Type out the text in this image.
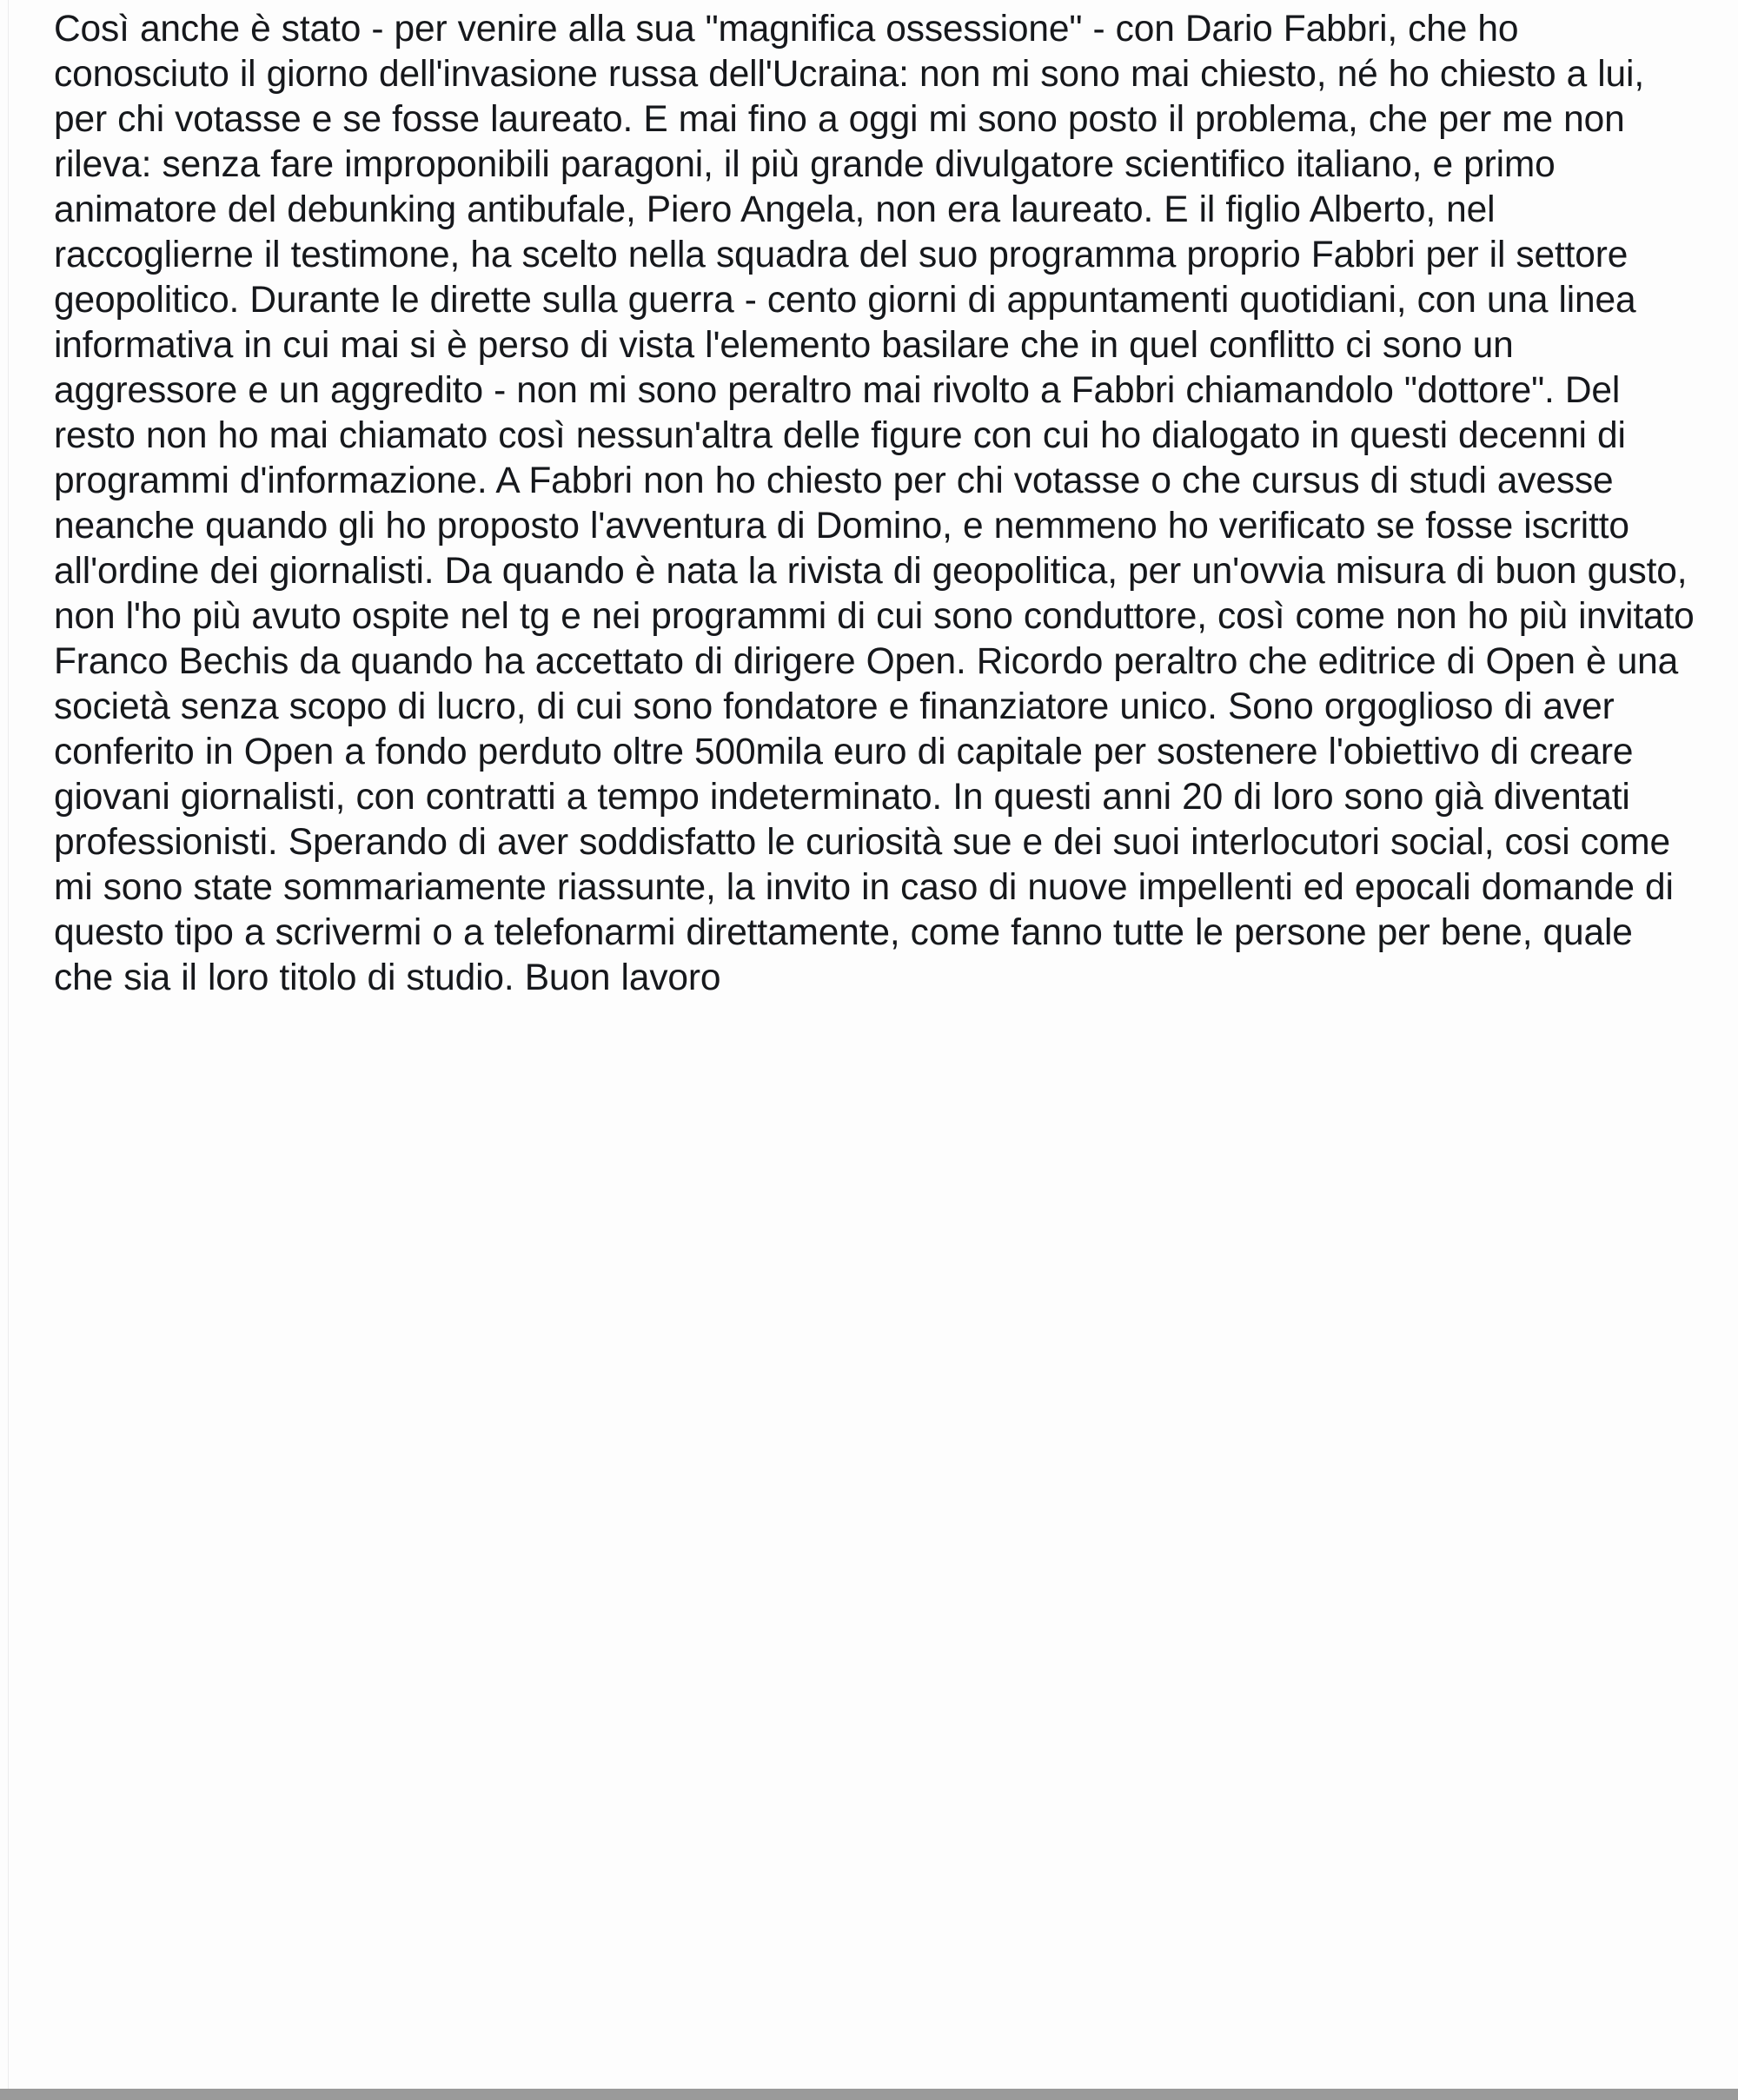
Così anche è stato - per venire alla sua "magnifica ossessione" - con Dario Fabbri, che ho conosciuto il giorno dell'invasione russa dell'Ucraina: non mi sono mai chiesto, né ho chiesto a lui, per chi votasse e se fosse laureato. E mai fino a oggi mi sono posto il problema, che per me non rileva: senza fare improponibili paragoni, il più grande divulgatore scientifico italiano, e primo animatore del debunking antibufale, Piero Angela, non era laureato. E il figlio Alberto, nel raccoglierne il testimone, ha scelto nella squadra del suo programma proprio Fabbri per il settore geopolitico. Durante le dirette sulla guerra - cento giorni di appuntamenti quotidiani, con una linea informativa in cui mai si è perso di vista l'elemento basilare che in quel conflitto ci sono un aggressore e un aggredito - non mi sono peraltro mai rivolto a Fabbri chiamandolo "dottore". Del resto non ho mai chiamato così nessun'altra delle figure con cui ho dialogato in questi decenni di programmi d'informazione. A Fabbri non ho chiesto per chi votasse o che cursus di studi avesse neanche quando gli ho proposto l'avventura di Domino, e nemmeno ho verificato se fosse iscritto all'ordine dei giornalisti. Da quando è nata la rivista di geopolitica, per un'ovvia misura di buon gusto, non l'ho più avuto ospite nel tg e nei programmi di cui sono conduttore, così come non ho più invitato Franco Bechis da quando ha accettato di dirigere Open. Ricordo peraltro che editrice di Open è una società senza scopo di lucro, di cui sono fondatore e finanziatore unico. Sono orgoglioso di aver conferito in Open a fondo perduto oltre 500mila euro di capitale per sostenere l'obiettivo di creare giovani giornalisti, con contratti a tempo indeterminato. In questi anni 20 di loro sono già diventati professionisti. Sperando di aver soddisfatto le curiosità sue e dei suoi interlocutori social, cosi come mi sono state sommariamente riassunte, la invito in caso di nuove impellenti ed epocali domande di questo tipo a scrivermi o a telefonarmi direttamente, come fanno tutte le persone per bene, quale che sia il loro titolo di studio. Buon lavoro
